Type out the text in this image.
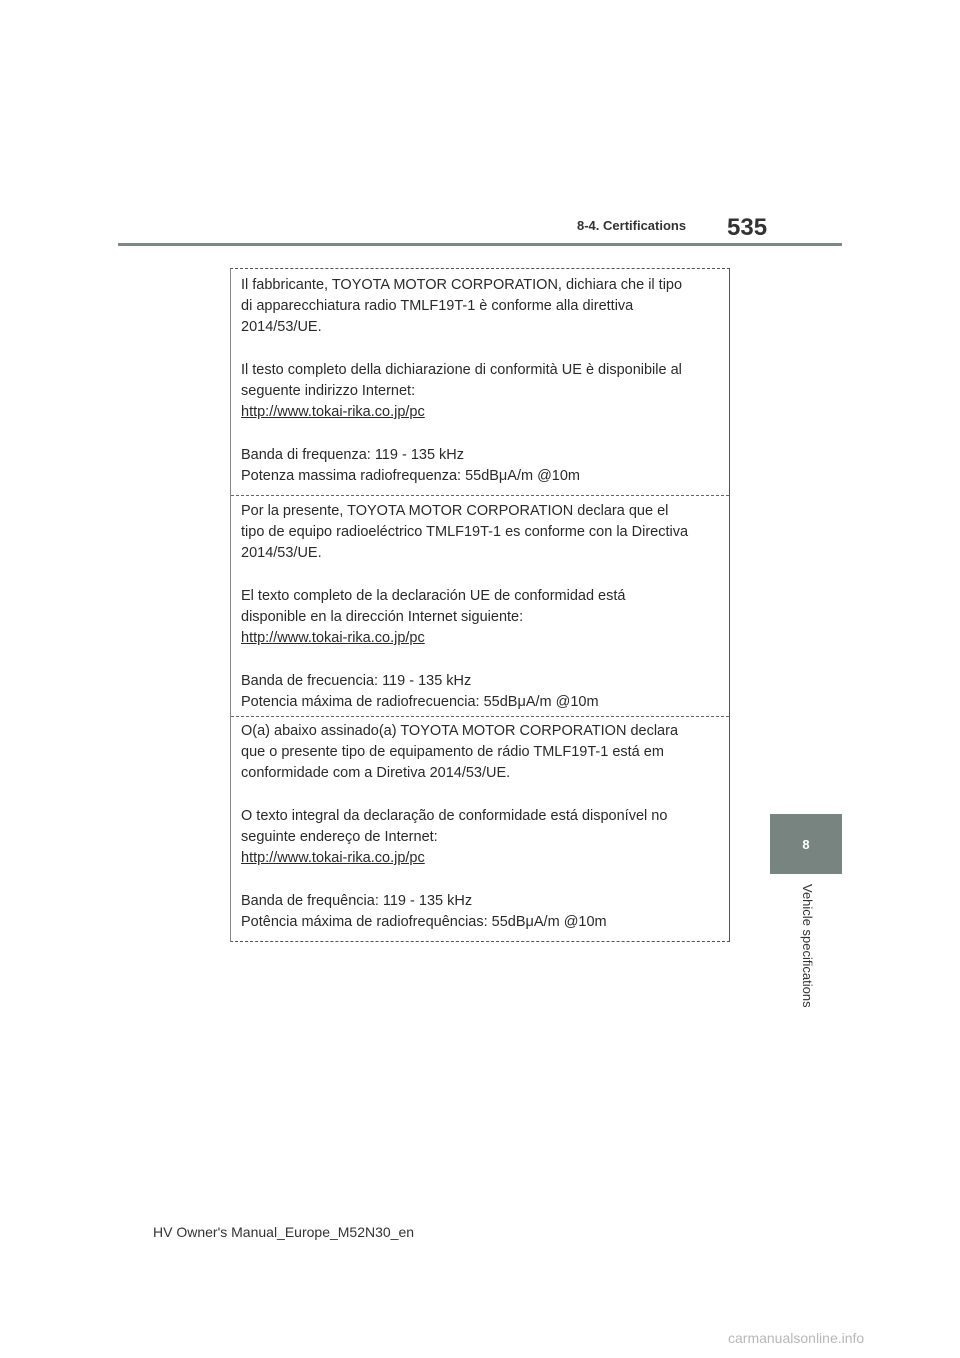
8-4. Certifications 535
8
Vehicle specifications

Il fabbricante, TOYOTA MOTOR CORPORATION, dichiara che il tipo
di apparecchiatura radio TMLF19T-1 è conforme alla direttiva
2014/53/UE.

Il testo completo della dichiarazione di conformità UE è disponibile al
seguente indirizzo Internet:
http://www.tokai-rika.co.jp/pc

Banda di frequenza: 119 - 135 kHz
Potenza massima radiofrequenza: 55dBμA/m @10m

Por la presente, TOYOTA MOTOR CORPORATION declara que el
tipo de equipo radioeléctrico TMLF19T-1 es conforme con la Directiva
2014/53/UE.

El texto completo de la declaración UE de conformidad está
disponible en la dirección Internet siguiente:
http://www.tokai-rika.co.jp/pc

Banda de frecuencia: 119 - 135 kHz
Potencia máxima de radiofrecuencia: 55dBμA/m @10m

O(a) abaixo assinado(a) TOYOTA MOTOR CORPORATION declara
que o presente tipo de equipamento de rádio TMLF19T-1 está em
conformidade com a Diretiva 2014/53/UE.

O texto integral da declaração de conformidade está disponível no
seguinte endereço de Internet:
http://www.tokai-rika.co.jp/pc

Banda de frequência: 119 - 135 kHz
Potência máxima de radiofrequências: 55dBμA/m @10m

HV Owner's Manual_Europe_M52N30_en
carmanualsonline.info
